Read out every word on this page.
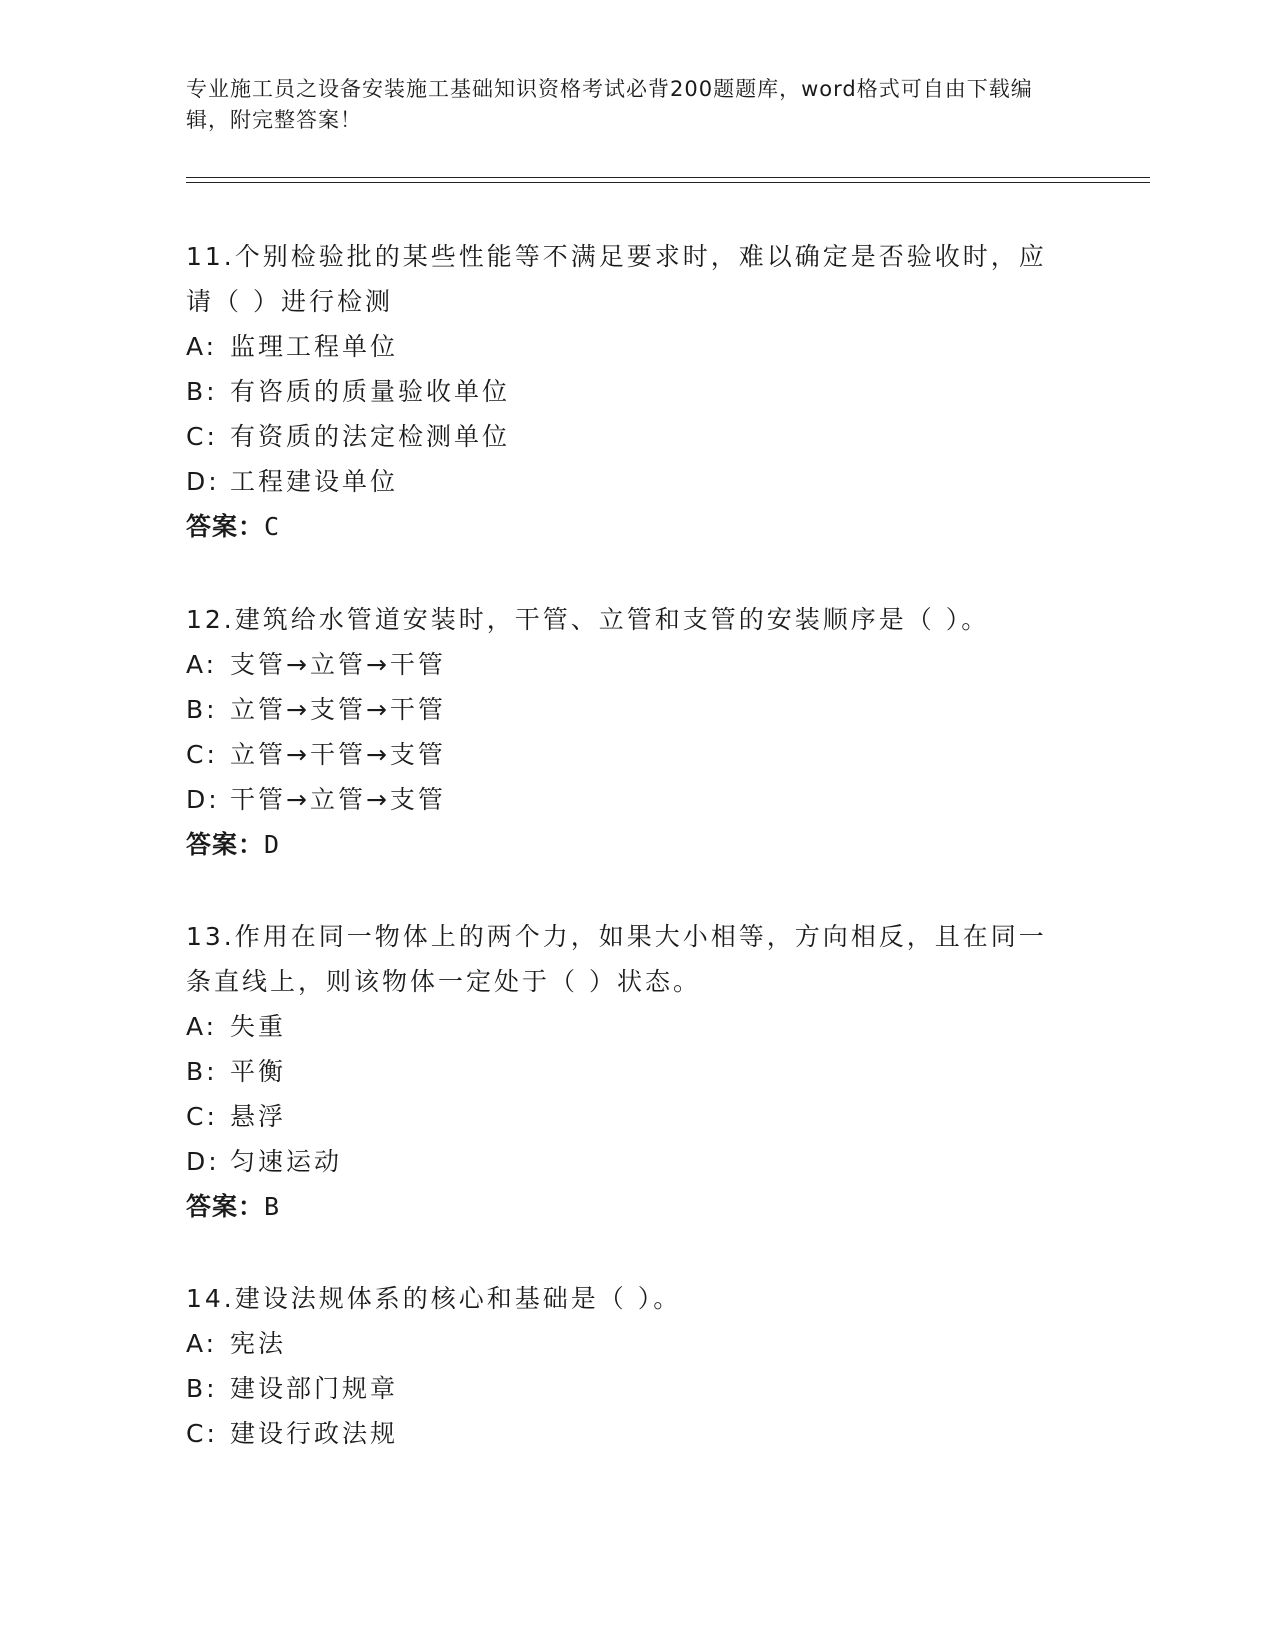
专业施工员之设备安装施工基础知识资格考试必背200题题库，word格式可自由下载编辑，附完整答案！

11.个别检验批的某些性能等不满足要求时，难以确定是否验收时，应请（ ）进行检测

A: 监理工程单位

B: 有咨质的质量验收单位

C: 有资质的法定检测单位

D: 工程建设单位

答案：C

12.建筑给水管道安装时，干管、立管和支管的安装顺序是（ ）。

A: 支管→立管→干管

B: 立管→支管→干管

C: 立管→干管→支管

D: 干管→立管→支管

答案：D

13.作用在同一物体上的两个力，如果大小相等，方向相反，且在同一条直线上，则该物体一定处于（ ）状态。

A: 失重

B: 平衡

C: 悬浮

D: 匀速运动

答案：B

14.建设法规体系的核心和基础是（ ）。

A: 宪法

B: 建设部门规章

C: 建设行政法规
